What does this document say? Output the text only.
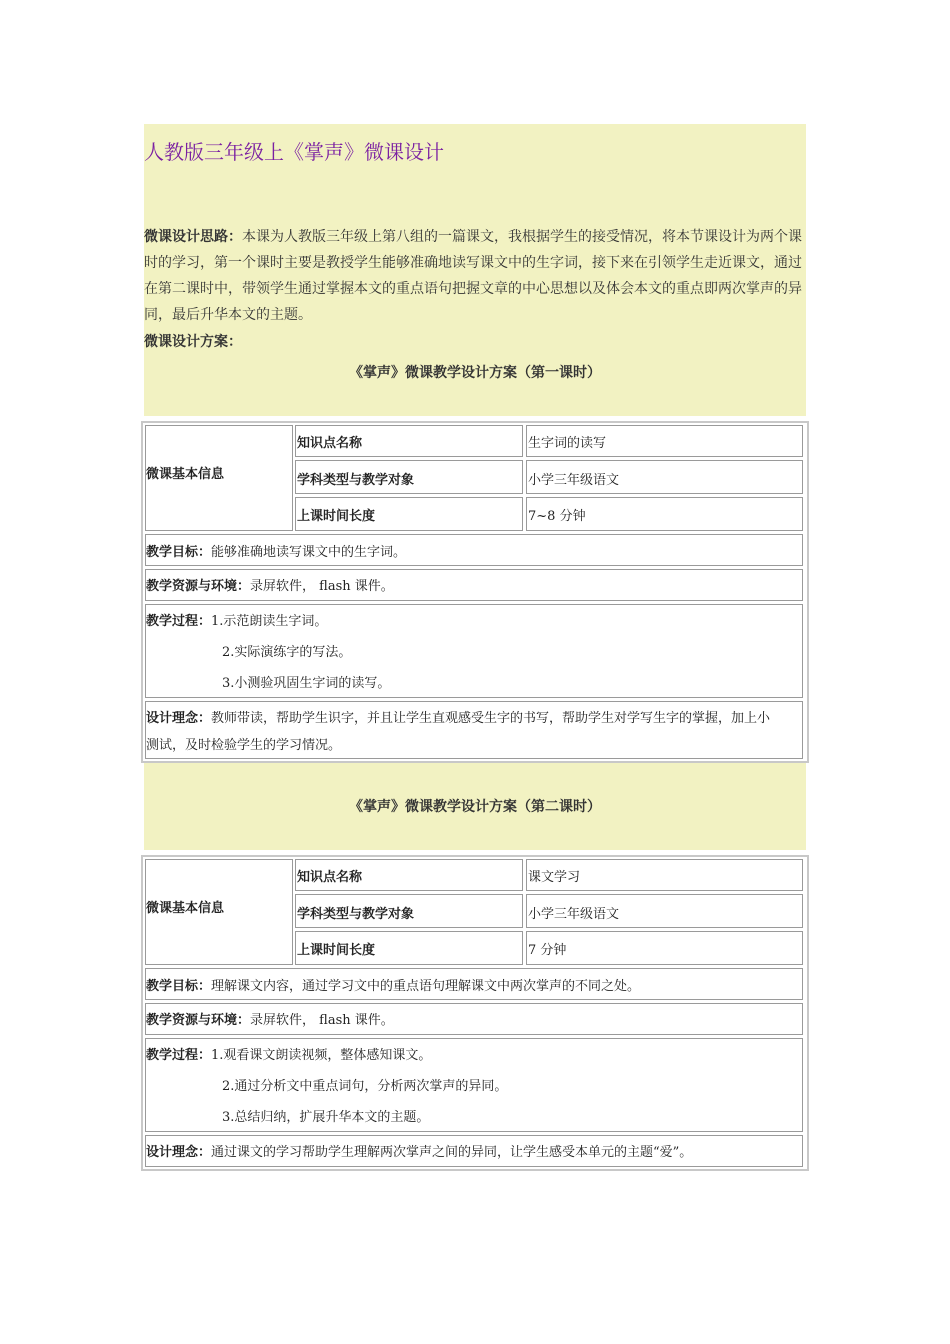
人教版三年级上《掌声》微课设计
微课设计思路：本课为人教版三年级上第八组的一篇课文，我根据学生的接受情况，将本节课设计为两个课时的学习，第一个课时主要是教授学生能够准确地读写课文中的生字词，接下来在引领学生走近课文，通过在第二课时中，带领学生通过掌握本文的重点语句把握文章的中心思想以及体会本文的重点即两次掌声的异同，最后升华本文的主题。
微课设计方案：
《掌声》微课教学设计方案（第一课时）
《掌声》微课教学设计方案（第二课时）
微课基本信息
知识点名称	生字词的读写
学科类型与教学对象	小学三年级语文
上课时间长度	7~8 分钟
教学目标：能够准确地读写课文中的生字词。
教学资源与环境：录屏软件， flash 课件。
教学过程：1.示范朗读生字词。
2.实际演练字的写法。
3.小测验巩固生字词的读写。
设计理念：教师带读，帮助学生识字，并且让学生直观感受生字的书写，帮助学生对学写生字的掌握，加上小
测试，及时检验学生的学习情况。
微课基本信息
知识点名称	课文学习
学科类型与教学对象	小学三年级语文
上课时间长度	7 分钟
教学目标：理解课文内容，通过学习文中的重点语句理解课文中两次掌声的不同之处。
教学资源与环境：录屏软件， flash 课件。
教学过程：1.观看课文朗读视频，整体感知课文。
2.通过分析文中重点词句，分析两次掌声的异同。
3.总结归纳，扩展升华本文的主题。
设计理念：通过课文的学习帮助学生理解两次掌声之间的异同，让学生感受本单元的主题“爱”。
